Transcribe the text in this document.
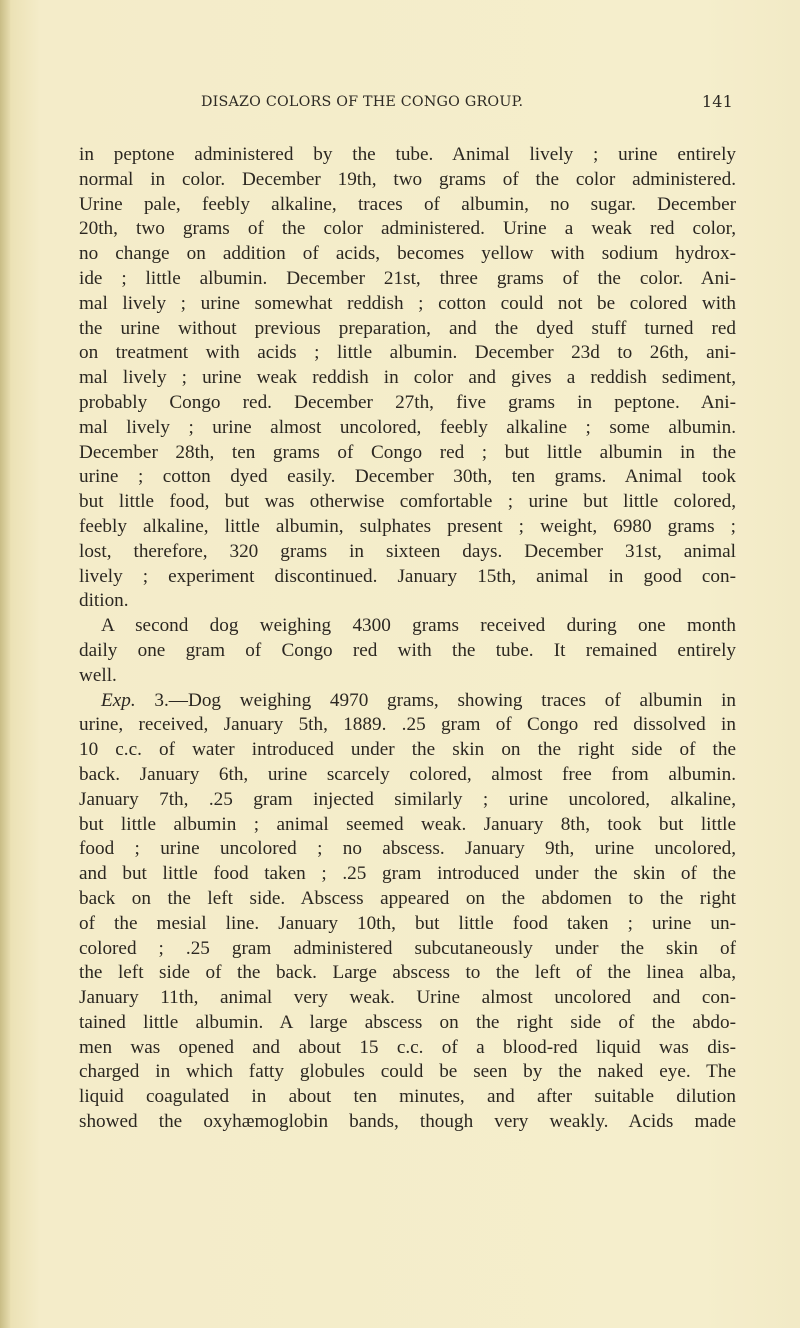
DISAZO COLORS OF THE CONGO GROUP.	141
in peptone administered by the tube. Animal lively ; urine entirely
normal in color. December 19th, two grams of the color administered.
Urine pale, feebly alkaline, traces of albumin, no sugar. December
20th, two grams of the color administered. Urine a weak red color,
no change on addition of acids, becomes yellow with sodium hydrox-
ide ; little albumin. December 21st, three grams of the color. Ani-
mal lively ; urine somewhat reddish ; cotton could not be colored with
the urine without previous preparation, and the dyed stuff turned red
on treatment with acids ; little albumin. December 23d to 26th, ani-
mal lively ; urine weak reddish in color and gives a reddish sediment,
probably Congo red. December 27th, five grams in peptone. Ani-
mal lively ; urine almost uncolored, feebly alkaline ; some albumin.
December 28th, ten grams of Congo red ; but little albumin in the
urine ; cotton dyed easily. December 30th, ten grams. Animal took
but little food, but was otherwise comfortable ; urine but little colored,
feebly alkaline, little albumin, sulphates present ; weight, 6980 grams ;
lost, therefore, 320 grams in sixteen days. December 31st, animal
lively ; experiment discontinued. January 15th, animal in good con-
dition.
A second dog weighing 4300 grams received during one month
daily one gram of Congo red with the tube. It remained entirely
well.
Exp. 3.—Dog weighing 4970 grams, showing traces of albumin in
urine, received, January 5th, 1889. .25 gram of Congo red dissolved in
10 c.c. of water introduced under the skin on the right side of the
back. January 6th, urine scarcely colored, almost free from albumin.
January 7th, .25 gram injected similarly ; urine uncolored, alkaline,
but little albumin ; animal seemed weak. January 8th, took but little
food ; urine uncolored ; no abscess. January 9th, urine uncolored,
and but little food taken ; .25 gram introduced under the skin of the
back on the left side. Abscess appeared on the abdomen to the right
of the mesial line. January 10th, but little food taken ; urine un-
colored ; .25 gram administered subcutaneously under the skin of
the left side of the back. Large abscess to the left of the linea alba,
January 11th, animal very weak. Urine almost uncolored and con-
tained little albumin. A large abscess on the right side of the abdo-
men was opened and about 15 c.c. of a blood-red liquid was dis-
charged in which fatty globules could be seen by the naked eye. The
liquid coagulated in about ten minutes, and after suitable dilution
showed the oxyhæmoglobin bands, though very weakly. Acids made
